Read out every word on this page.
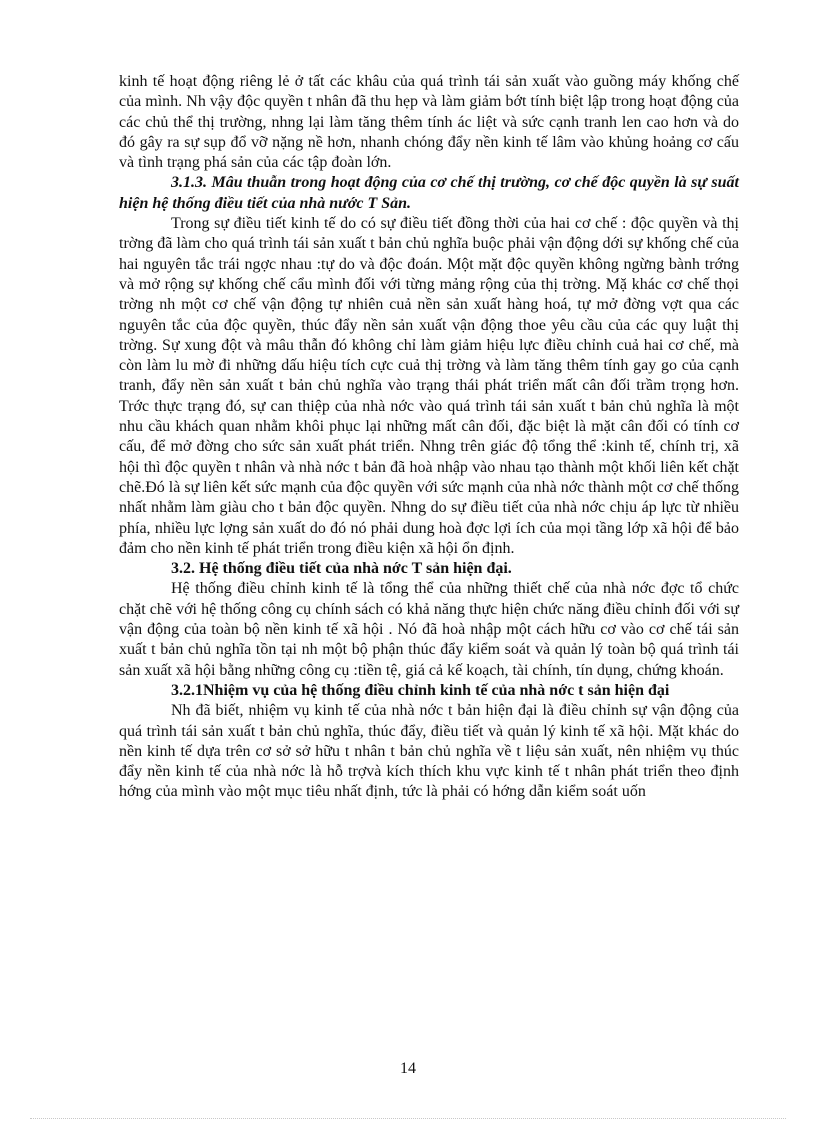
kinh tế hoạt động riêng lẻ ở tất các khâu của quá trình tái sản xuất vào guồng máy khống chế của mình. Nh vậy độc quyền t nhân đã thu hẹp và làm giảm bớt tính biệt lập trong hoạt động của các chủ thể thị trường, nhng lại làm tăng thêm tính ác liệt và sức cạnh tranh len cao hơn và do đó gây ra sự sụp đổ vỡ nặng nề hơn, nhanh chóng đẩy nền kinh tế lâm vào khủng hoảng cơ cấu và tình trạng phá sản của các tập đoàn lớn.

3.1.3. Mâu thuẫn trong hoạt động của cơ chế thị trường, cơ chế độc quyền là sự suất hiện hệ thống điều tiết của nhà nước T Sản.

Trong sự điều tiết kinh tế do có sự điều tiết đồng thời của hai cơ chế : độc quyền và thị trờng đã làm cho quá trình tái sản xuất t bản chủ nghĩa buộc phải vận động dới sự khống chế của hai nguyên tắc trái ngợc nhau :tự do và độc đoán. Một mặt độc quyền không ngừng bành trớng và mở rộng sự khống chế cẩu mình đối với từng mảng rộng của thị trờng. Mặ khác cơ chế thọi trờng nh một cơ chế vận động tự nhiên cuả nền sản xuất hàng hoá, tự mở đờng vợt qua các nguyên tắc của độc quyền, thúc đẩy nền sản xuất vận động thoe yêu cầu của các quy luật thị trờng. Sự xung đột và mâu thẫn đó không chỉ làm giảm hiệu lực điều chỉnh cuả hai cơ chế, mà còn làm lu mờ đi những dấu hiệu tích cực cuả thị trờng và làm tăng thêm tính gay go của cạnh tranh, đẩy nền sản xuất t bản chủ nghĩa vào trạng thái phát triển mất cân đối trầm trọng hơn. Trớc thực trạng đó, sự can thiệp của nhà nớc vào quá trình tái sản xuất t bản chủ nghĩa là một nhu cầu khách quan nhằm khôi phục lại những mất cân đối, đặc biệt là mặt cân đối có tính cơ cấu, để mở đờng cho sức sản xuất phát triển. Nhng trên giác độ tổng thể :kinh tế, chính trị, xã hội thì độc quyền t nhân và nhà nớc t bản đã hoà nhập vào nhau tạo thành một khối liên kết chặt chẽ.Đó là sự liên kết sức mạnh của độc quyền với sức mạnh của nhà nớc thành một cơ chế thống nhất nhằm làm giàu cho t bản độc quyền. Nhng do sự điều tiết của nhà nớc chịu áp lực từ nhiều phía, nhiều lực lợng sản xuất do đó nó phải dung hoà đợc lợi ích của mọi tầng lớp xã hội để bảo đảm cho nền kinh tế phát triển trong điều kiện xã hội ổn định.

3.2. Hệ thống điều tiết của nhà nớc T sản hiện đại.

Hệ thống điều chỉnh kinh tế là tổng thể của những thiết chế của nhà nớc đợc tổ chức chặt chẽ với hệ thống công cụ chính sách có khả năng thực hiện chức năng điều chỉnh đối với sự vận động của toàn bộ nền kinh tế xã hội . Nó đã hoà nhập một cách hữu cơ vào cơ chế tái sản xuất t bản chủ nghĩa tồn tại nh một bộ phận thúc đẩy kiểm soát và quản lý toàn bộ quá trình tái sản xuất xã hội bằng những công cụ :tiền tệ, giá cả kế koạch, tài chính, tín dụng, chứng khoán.

3.2.1Nhiệm vụ của hệ thống điều chỉnh kinh tế của nhà nớc t sản hiện đại

Nh đã biết, nhiệm vụ kinh tế của nhà nớc t bản hiện đại là điều chỉnh sự vận động của quá trình tái sản xuất t bản chủ nghĩa, thúc đẩy, điều tiết và quản lý kinh tế xã hội. Mặt khác do nền kinh tế dựa trên cơ sở sở hữu t nhân t bản chủ nghĩa về t liệu sản xuất, nên nhiệm vụ thúc đẩy nền kinh tế của nhà nớc là hỗ trợvà kích thích khu vực kinh tế t nhân phát triển theo định hớng của mình vào một mục tiêu nhất định, tức là phải có hớng dẫn kiểm soát uốn

14
